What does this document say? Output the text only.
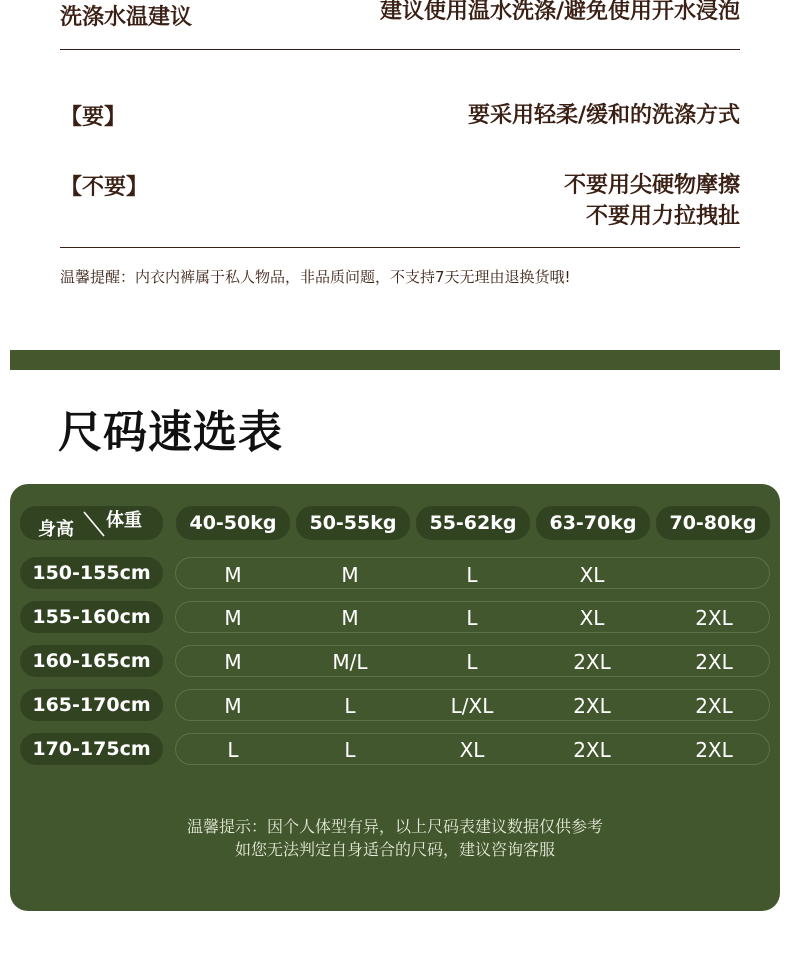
洗涤水温建议	建议使用温水洗涤/避免使用开水浸泡
【要】	要采用轻柔/缓和的洗涤方式
【不要】	不要用尖硬物摩擦
不要用力拉拽扯
温馨提醒：内衣内裤属于私人物品，非品质问题，不支持7天无理由退换货哦!
尺码速选表
身高 体重	40-50kg	50-55kg	55-62kg	63-70kg	70-80kg
150-155cm	M	M	L	XL
155-160cm	M	M	L	XL	2XL
160-165cm	M	M/L	L	2XL	2XL
165-170cm	M	L	L/XL	2XL	2XL
170-175cm	L	L	XL	2XL	2XL
温馨提示：因个人体型有异，以上尺码表建议数据仅供参考
如您无法判定自身适合的尺码，建议咨询客服
